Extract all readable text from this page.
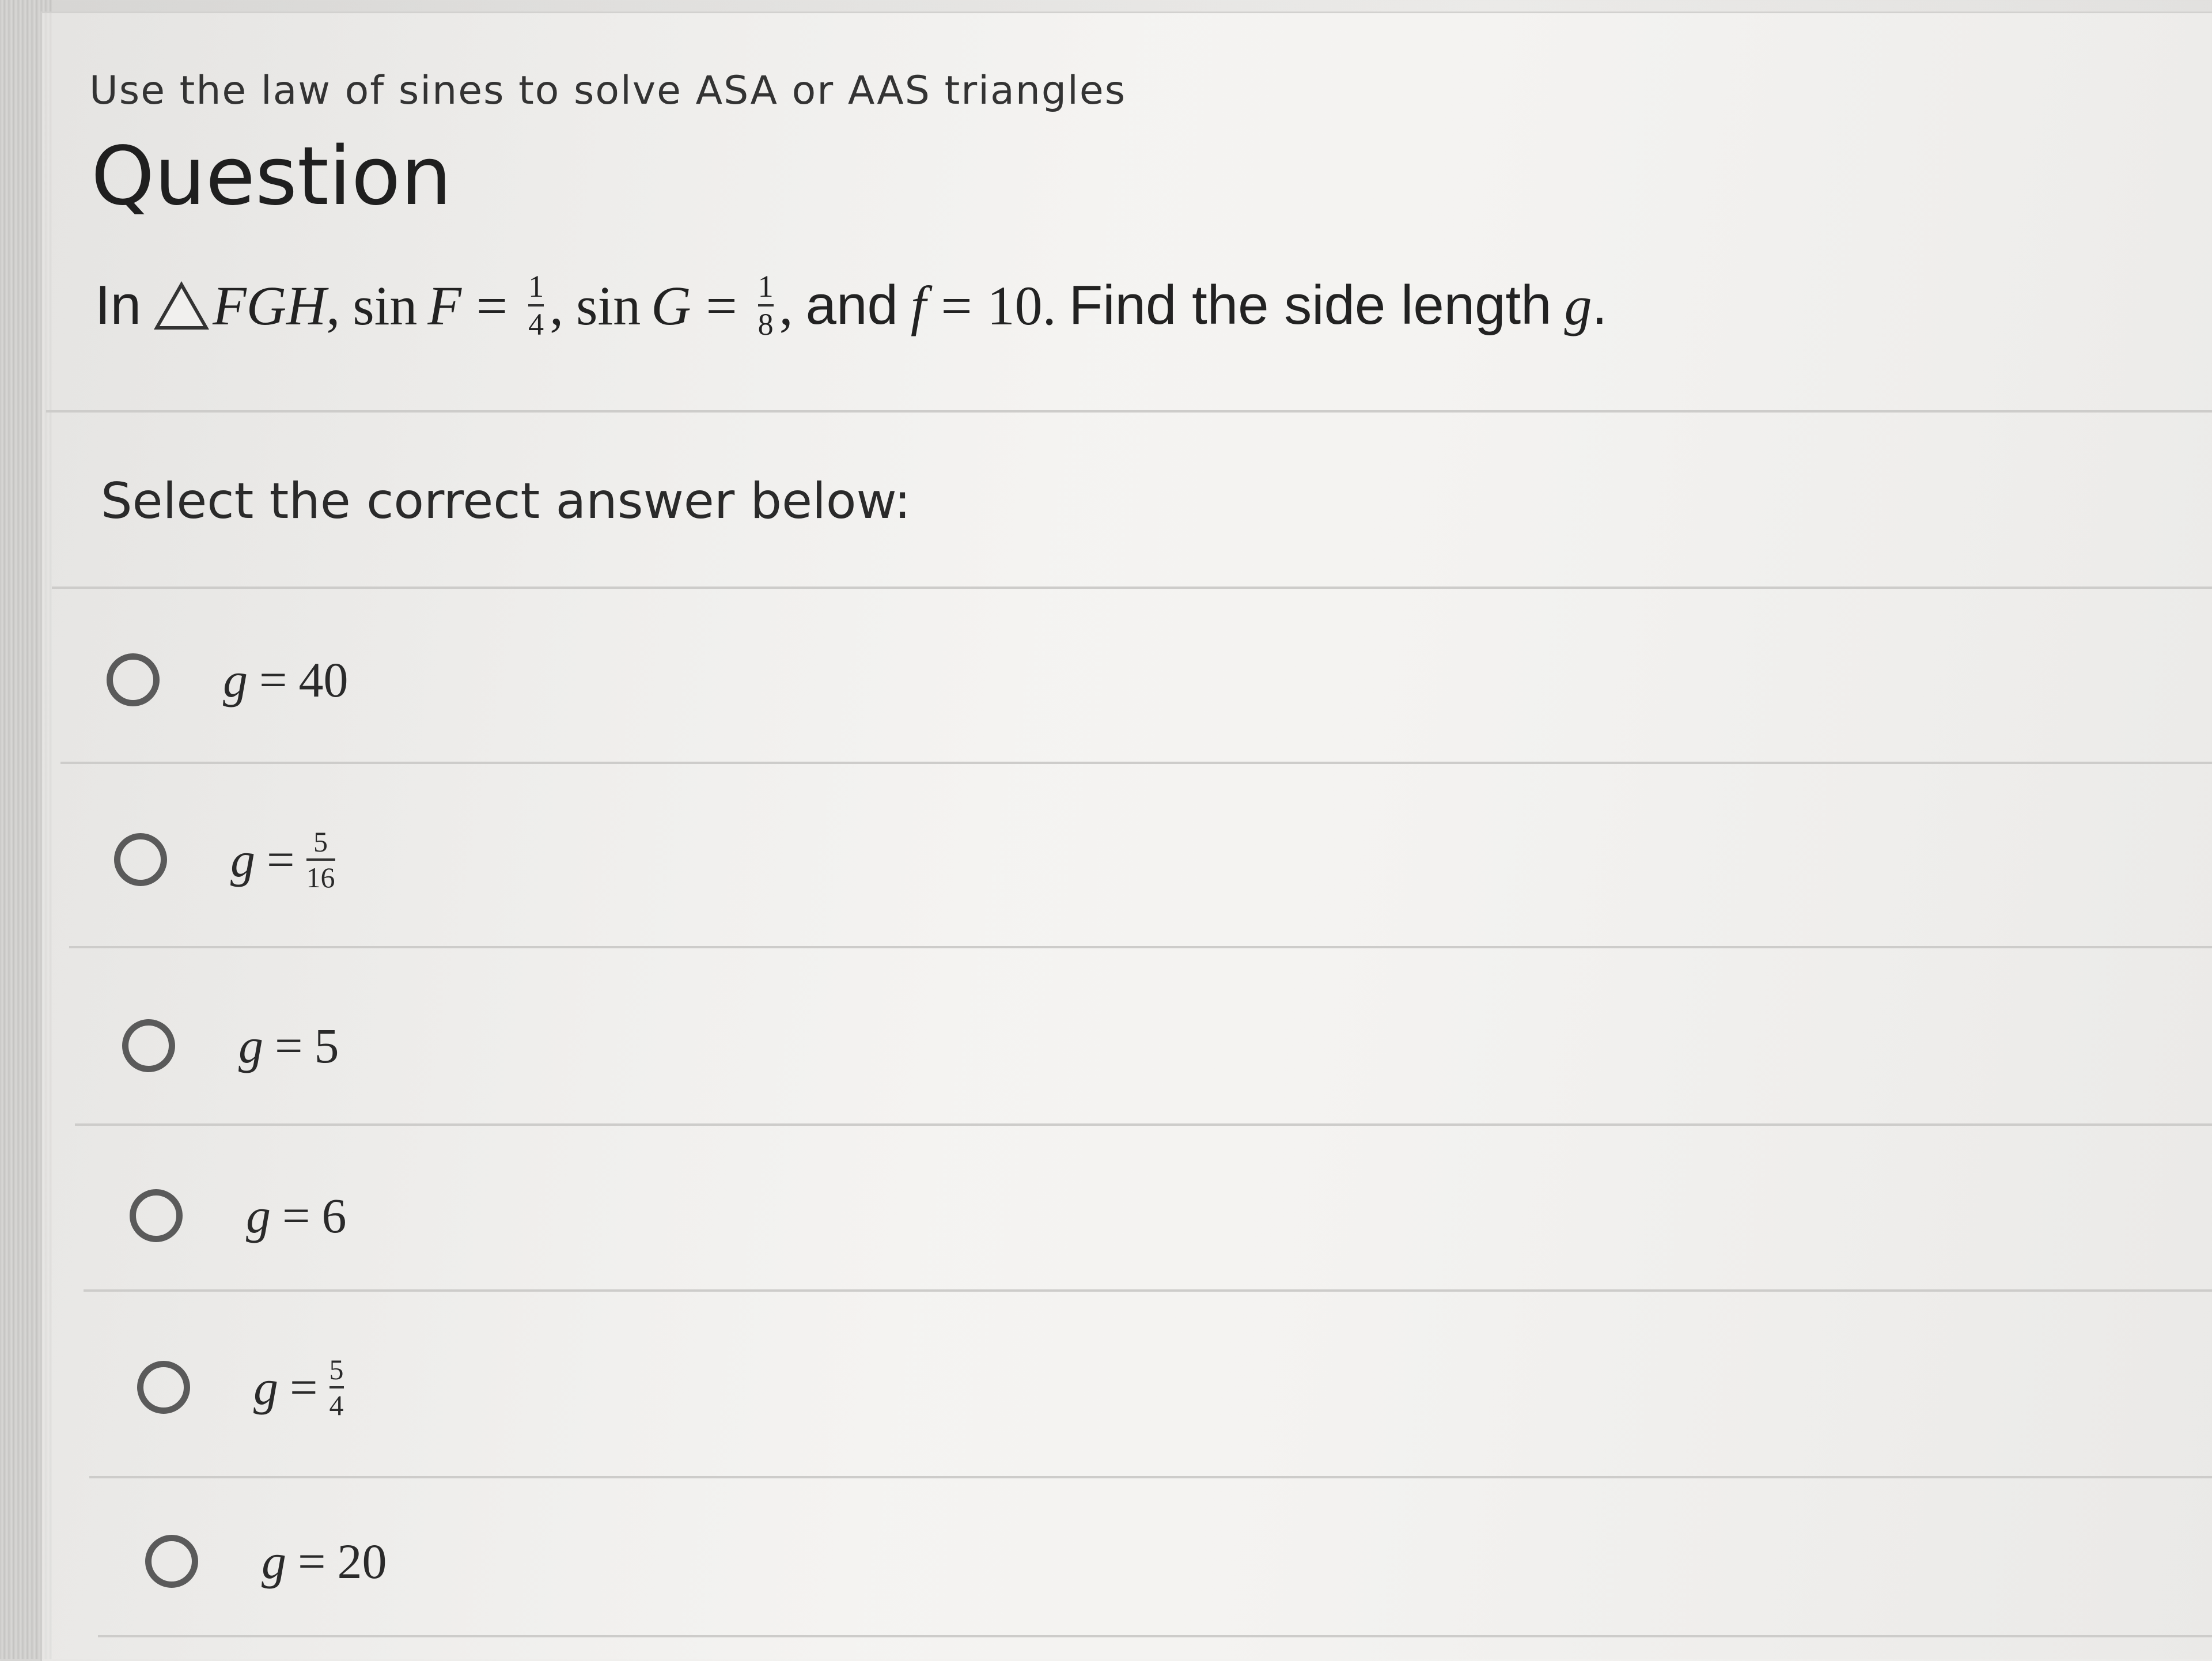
Use the law of sines to solve ASA or AAS triangles
Question
In FGH , $\sin F = \frac{1}{4}$ , $\sin G = \frac{1}{8}$ , and f = 10. Find the side length g .
Select the correct answer below:
g = 40
$g = \frac{5}{16}$
g = 5
g = 6
$g = \frac{5}{4}$
g = 20
